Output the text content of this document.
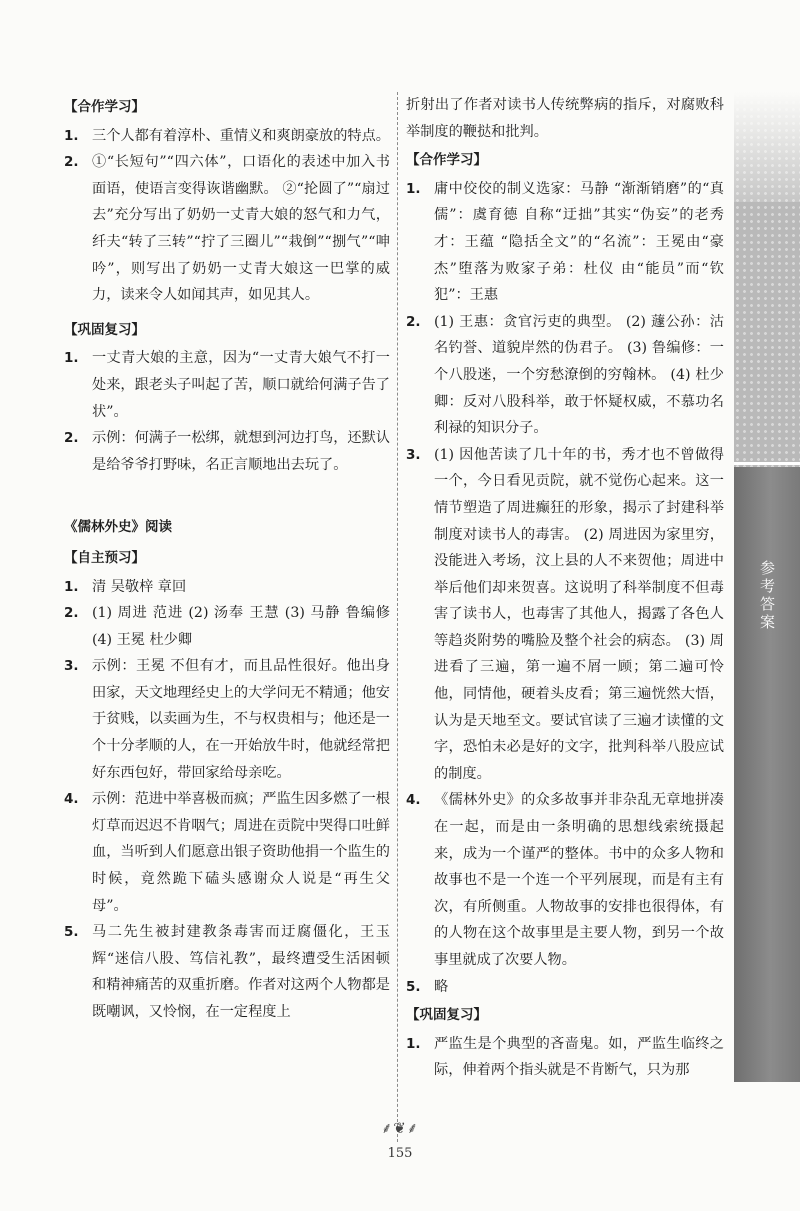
【合作学习】
1. 三个人都有着淳朴、重情义和爽朗豪放的特点。
2. ①“长短句”“四六体”，口语化的表述中加入书面语，使语言变得诙谐幽默。 ②“抡圆了”“扇过去”充分写出了奶奶一丈青大娘的怒气和力气，纤夫“转了三转”“拧了三圈儿”“栽倒”“捌气”“呻吟”，则写出了奶奶一丈青大娘这一巴掌的威力，读来令人如闻其声，如见其人。
【巩固复习】
1. 一丈青大娘的主意，因为“一丈青大娘气不打一处来，跟老头子叫起了苦，顺口就给何满子告了状”。
2. 示例：何满子一松绑，就想到河边打鸟，还默认是给爷爷打野味，名正言顺地出去玩了。
《儒林外史》阅读
【自主预习】
1. 清 吴敬梓 章回
2. (1) 周进 范进 (2) 汤奉 王慧 (3) 马静 鲁编修 (4) 王冕 杜少卿
3. 示例：王冕 不但有才，而且品性很好。他出身田家，天文地理经史上的大学问无不精通；他安于贫贱，以卖画为生，不与权贵相与；他还是一个十分孝顺的人，在一开始放牛时，他就经常把好东西包好，带回家给母亲吃。
4. 示例：范进中举喜极而疯；严监生因多燃了一根灯草而迟迟不肯咽气；周进在贡院中哭得口吐鲜血，当听到人们愿意出银子资助他捐一个监生的时候，竟然跪下磕头感谢众人说是“再生父母”。
5. 马二先生被封建教条毒害而迂腐僵化，王玉辉“迷信八股、笃信礼教”，最终遭受生活困顿和精神痛苦的双重折磨。作者对这两个人物都是既嘲讽，又怜悯，在一定程度上
折射出了作者对读书人传统弊病的指斥，对腐败科举制度的鞭挞和批判。
【合作学习】
1. 庸中佼佼的制义选家：马静 “渐渐销磨”的“真儒”：虞育德 自称“迂拙”其实“伪妄”的老秀才：王蕴 “隐括全文”的“名流”：王冕由“豪杰”堕落为败家子弟：杜仪 由“能员”而“钦犯”：王惠
2. (1) 王惠：贪官污吏的典型。 (2) 蘧公孙：沽名钓誉、道貌岸然的伪君子。 (3) 鲁编修：一个八股迷，一个穷愁潦倒的穷翰林。 (4) 杜少卿：反对八股科举，敢于怀疑权威，不慕功名利禄的知识分子。
3. (1) 因他苦读了几十年的书，秀才也不曾做得一个，今日看见贡院，就不觉伤心起来。这一情节塑造了周进癫狂的形象，揭示了封建科举制度对读书人的毒害。 (2) 周进因为家里穷，没能进入考场，汶上县的人不来贺他；周进中举后他们却来贺喜。这说明了科举制度不但毒害了读书人，也毒害了其他人，揭露了各色人等趋炎附势的嘴脸及整个社会的病态。 (3) 周进看了三遍，第一遍不屑一顾；第二遍可怜他，同情他，硬着头皮看；第三遍恍然大悟，认为是天地至文。要试官读了三遍才读懂的文字，恐怕未必是好的文字，批判科举八股应试的制度。
4. 《儒林外史》的众多故事并非杂乱无章地拼凑在一起，而是由一条明确的思想线索统摄起来，成为一个谨严的整体。书中的众多人物和故事也不是一个连一个平列展现，而是有主有次，有所侧重。人物故事的安排也很得体，有的人物在这个故事里是主要人物，到另一个故事里就成了次要人物。
5. 略
【巩固复习】
1. 严监生是个典型的吝啬鬼。如，严监生临终之际，伸着两个指头就是不肯断气，只为那
参考答案
⸙❦⸙
155
